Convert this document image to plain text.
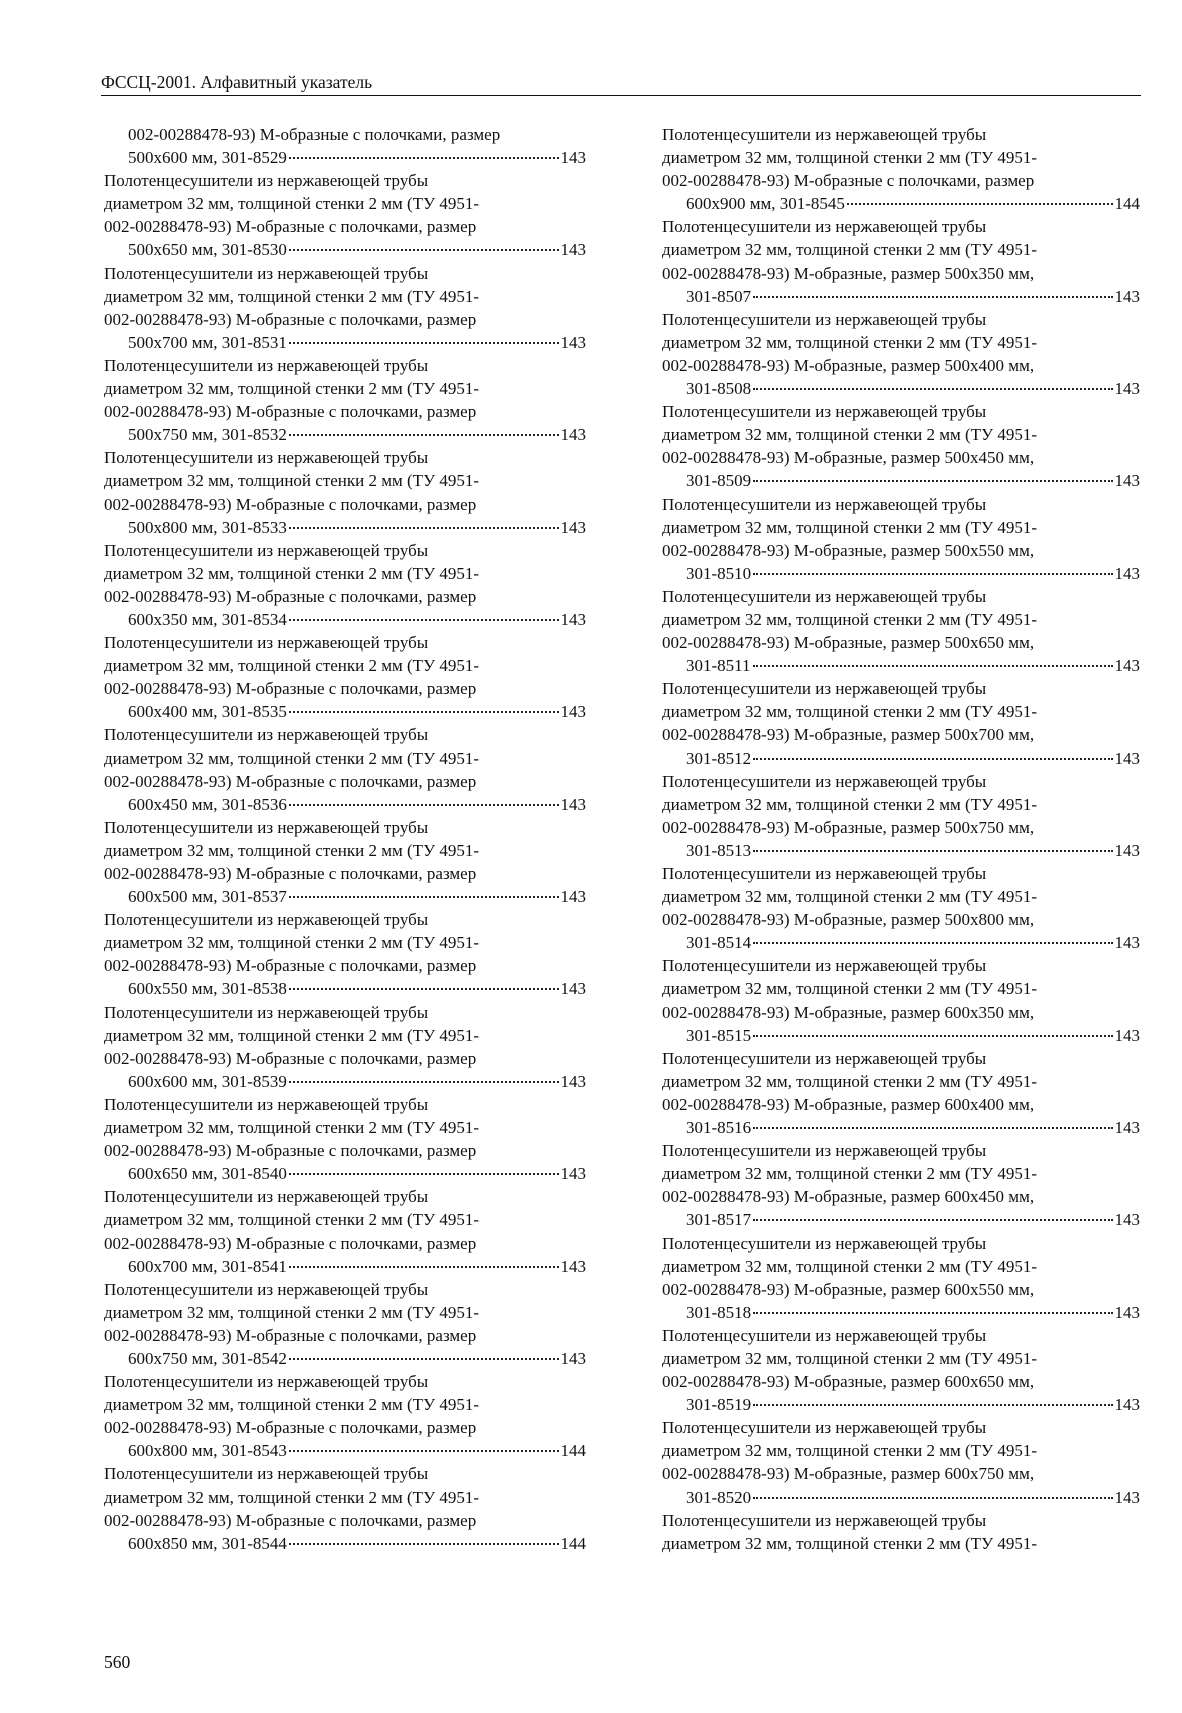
ФССЦ-2001. Алфавитный указатель
002-00288478-93) М-образные с полочками, размер
500x600 мм, 301-8529	143
Полотенцесушители из нержавеющей трубы
диаметром 32 мм, толщиной стенки 2 мм (ТУ 4951-
002-00288478-93) М-образные с полочками, размер
500x650 мм, 301-8530	143
Полотенцесушители из нержавеющей трубы
диаметром 32 мм, толщиной стенки 2 мм (ТУ 4951-
002-00288478-93) М-образные с полочками, размер
500x700 мм, 301-8531	143
Полотенцесушители из нержавеющей трубы
диаметром 32 мм, толщиной стенки 2 мм (ТУ 4951-
002-00288478-93) М-образные с полочками, размер
500x750 мм, 301-8532	143
Полотенцесушители из нержавеющей трубы
диаметром 32 мм, толщиной стенки 2 мм (ТУ 4951-
002-00288478-93) М-образные с полочками, размер
500x800 мм, 301-8533	143
Полотенцесушители из нержавеющей трубы
диаметром 32 мм, толщиной стенки 2 мм (ТУ 4951-
002-00288478-93) М-образные с полочками, размер
600x350 мм, 301-8534	143
Полотенцесушители из нержавеющей трубы
диаметром 32 мм, толщиной стенки 2 мм (ТУ 4951-
002-00288478-93) М-образные с полочками, размер
600x400 мм, 301-8535	143
Полотенцесушители из нержавеющей трубы
диаметром 32 мм, толщиной стенки 2 мм (ТУ 4951-
002-00288478-93) М-образные с полочками, размер
600x450 мм, 301-8536	143
Полотенцесушители из нержавеющей трубы
диаметром 32 мм, толщиной стенки 2 мм (ТУ 4951-
002-00288478-93) М-образные с полочками, размер
600x500 мм, 301-8537	143
Полотенцесушители из нержавеющей трубы
диаметром 32 мм, толщиной стенки 2 мм (ТУ 4951-
002-00288478-93) М-образные с полочками, размер
600x550 мм, 301-8538	143
Полотенцесушители из нержавеющей трубы
диаметром 32 мм, толщиной стенки 2 мм (ТУ 4951-
002-00288478-93) М-образные с полочками, размер
600x600 мм, 301-8539	143
Полотенцесушители из нержавеющей трубы
диаметром 32 мм, толщиной стенки 2 мм (ТУ 4951-
002-00288478-93) М-образные с полочками, размер
600x650 мм, 301-8540	143
Полотенцесушители из нержавеющей трубы
диаметром 32 мм, толщиной стенки 2 мм (ТУ 4951-
002-00288478-93) М-образные с полочками, размер
600x700 мм, 301-8541	143
Полотенцесушители из нержавеющей трубы
диаметром 32 мм, толщиной стенки 2 мм (ТУ 4951-
002-00288478-93) М-образные с полочками, размер
600x750 мм, 301-8542	143
Полотенцесушители из нержавеющей трубы
диаметром 32 мм, толщиной стенки 2 мм (ТУ 4951-
002-00288478-93) М-образные с полочками, размер
600x800 мм, 301-8543	144
Полотенцесушители из нержавеющей трубы
диаметром 32 мм, толщиной стенки 2 мм (ТУ 4951-
002-00288478-93) М-образные с полочками, размер
600x850 мм, 301-8544	144
Полотенцесушители из нержавеющей трубы
диаметром 32 мм, толщиной стенки 2 мм (ТУ 4951-
002-00288478-93) М-образные с полочками, размер
600x900 мм, 301-8545	144
Полотенцесушители из нержавеющей трубы
диаметром 32 мм, толщиной стенки 2 мм (ТУ 4951-
002-00288478-93) М-образные, размер 500x350 мм,
301-8507	143
Полотенцесушители из нержавеющей трубы
диаметром 32 мм, толщиной стенки 2 мм (ТУ 4951-
002-00288478-93) М-образные, размер 500x400 мм,
301-8508	143
Полотенцесушители из нержавеющей трубы
диаметром 32 мм, толщиной стенки 2 мм (ТУ 4951-
002-00288478-93) М-образные, размер 500x450 мм,
301-8509	143
Полотенцесушители из нержавеющей трубы
диаметром 32 мм, толщиной стенки 2 мм (ТУ 4951-
002-00288478-93) М-образные, размер 500x550 мм,
301-8510	143
Полотенцесушители из нержавеющей трубы
диаметром 32 мм, толщиной стенки 2 мм (ТУ 4951-
002-00288478-93) М-образные, размер 500x650 мм,
301-8511	143
Полотенцесушители из нержавеющей трубы
диаметром 32 мм, толщиной стенки 2 мм (ТУ 4951-
002-00288478-93) М-образные, размер 500x700 мм,
301-8512	143
Полотенцесушители из нержавеющей трубы
диаметром 32 мм, толщиной стенки 2 мм (ТУ 4951-
002-00288478-93) М-образные, размер 500x750 мм,
301-8513	143
Полотенцесушители из нержавеющей трубы
диаметром 32 мм, толщиной стенки 2 мм (ТУ 4951-
002-00288478-93) М-образные, размер 500x800 мм,
301-8514	143
Полотенцесушители из нержавеющей трубы
диаметром 32 мм, толщиной стенки 2 мм (ТУ 4951-
002-00288478-93) М-образные, размер 600x350 мм,
301-8515	143
Полотенцесушители из нержавеющей трубы
диаметром 32 мм, толщиной стенки 2 мм (ТУ 4951-
002-00288478-93) М-образные, размер 600x400 мм,
301-8516	143
Полотенцесушители из нержавеющей трубы
диаметром 32 мм, толщиной стенки 2 мм (ТУ 4951-
002-00288478-93) М-образные, размер 600x450 мм,
301-8517	143
Полотенцесушители из нержавеющей трубы
диаметром 32 мм, толщиной стенки 2 мм (ТУ 4951-
002-00288478-93) М-образные, размер 600x550 мм,
301-8518	143
Полотенцесушители из нержавеющей трубы
диаметром 32 мм, толщиной стенки 2 мм (ТУ 4951-
002-00288478-93) М-образные, размер 600x650 мм,
301-8519	143
Полотенцесушители из нержавеющей трубы
диаметром 32 мм, толщиной стенки 2 мм (ТУ 4951-
002-00288478-93) М-образные, размер 600x750 мм,
301-8520	143
Полотенцесушители из нержавеющей трубы
диаметром 32 мм, толщиной стенки 2 мм (ТУ 4951-
560
